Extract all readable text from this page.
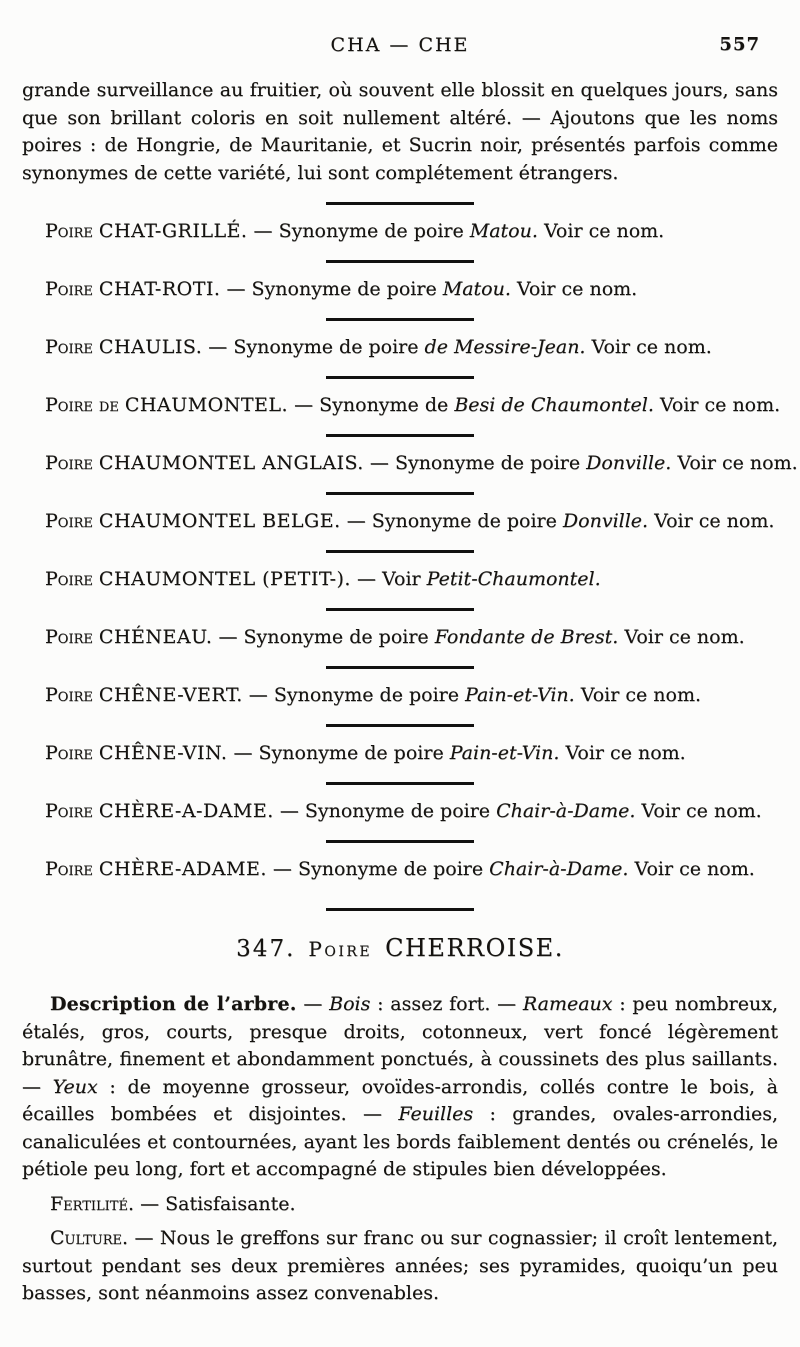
CHA — CHE	557

grande surveillance au fruitier, où souvent elle blossit en quelques jours, sans que son brillant coloris en soit nullement altéré. — Ajoutons que les noms poires : de Hongrie, de Mauritanie, et Sucrin noir, présentés parfois comme synonymes de cette variété, lui sont complétement étrangers.

Poire CHAT-GRILLÉ. — Synonyme de poire Matou. Voir ce nom.

Poire CHAT-ROTI. — Synonyme de poire Matou. Voir ce nom.

Poire CHAULIS. — Synonyme de poire de Messire-Jean. Voir ce nom.

Poire de CHAUMONTEL. — Synonyme de Besi de Chaumontel. Voir ce nom.

Poire CHAUMONTEL ANGLAIS. — Synonyme de poire Donville. Voir ce nom.

Poire CHAUMONTEL BELGE. — Synonyme de poire Donville. Voir ce nom.

Poire CHAUMONTEL (PETIT-). — Voir Petit-Chaumontel.

Poire CHÉNEAU. — Synonyme de poire Fondante de Brest. Voir ce nom.

Poire CHÊNE-VERT. — Synonyme de poire Pain-et-Vin. Voir ce nom.

Poire CHÊNE-VIN. — Synonyme de poire Pain-et-Vin. Voir ce nom.

Poire CHÈRE-A-DAME. — Synonyme de poire Chair-à-Dame. Voir ce nom.

Poire CHÈRE-ADAME. — Synonyme de poire Chair-à-Dame. Voir ce nom.

347. Poire CHERROISE.

Description de l’arbre. — Bois : assez fort. — Rameaux : peu nombreux, étalés, gros, courts, presque droits, cotonneux, vert foncé légèrement brunâtre, finement et abondamment ponctués, à coussinets des plus saillants. — Yeux : de moyenne grosseur, ovoïdes-arrondis, collés contre le bois, à écailles bombées et disjointes. — Feuilles : grandes, ovales-arrondies, canaliculées et contournées, ayant les bords faiblement dentés ou crénelés, le pétiole peu long, fort et accompagné de stipules bien développées.

Fertilité. — Satisfaisante.

Culture. — Nous le greffons sur franc ou sur cognassier; il croît lentement, surtout pendant ses deux premières années; ses pyramides, quoiqu’un peu basses, sont néanmoins assez convenables.
